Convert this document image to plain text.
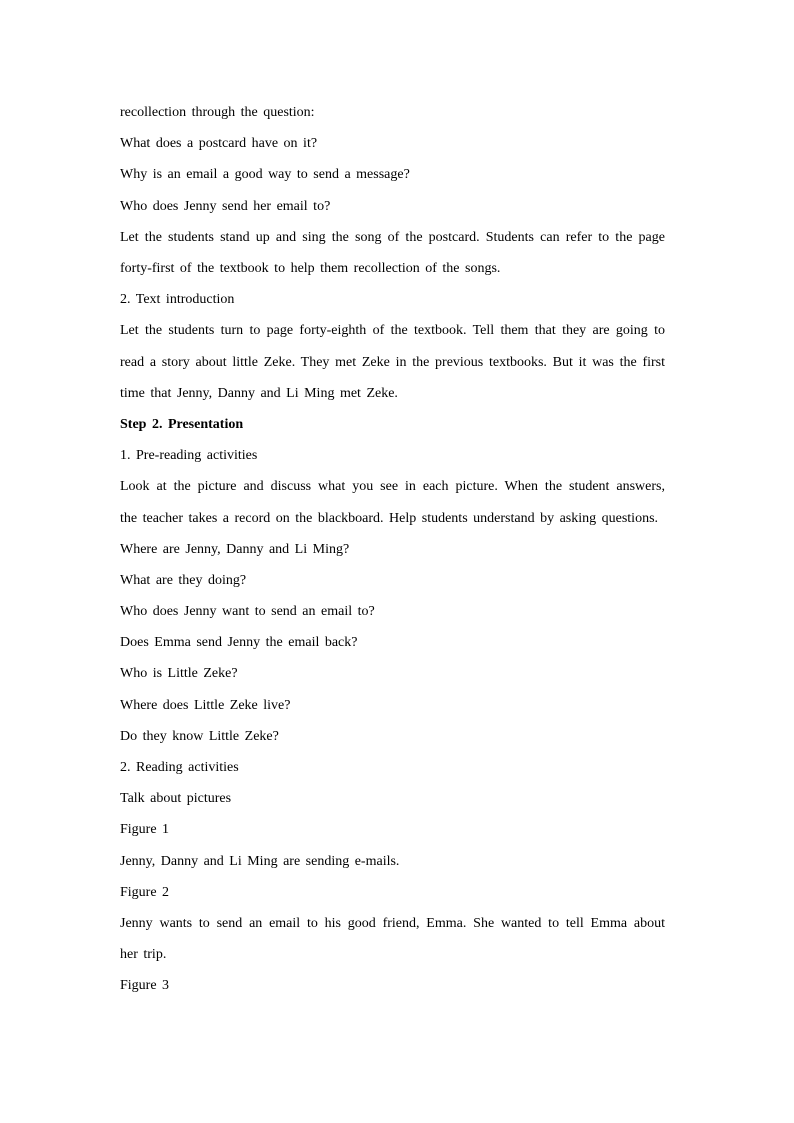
recollection through the question:
What does a postcard have on it?
Why is an email a good way to send a message?
Who does Jenny send her email to?
Let the students stand up and sing the song of the postcard. Students can refer to the page forty-first of the textbook to help them recollection of the songs.
2. Text introduction
Let the students turn to page forty-eighth of the textbook. Tell them that they are going to read a story about little Zeke. They met Zeke in the previous textbooks. But it was the first time that Jenny, Danny and Li Ming met Zeke.
Step 2. Presentation
1. Pre-reading activities
Look at the picture and discuss what you see in each picture. When the student answers, the teacher takes a record on the blackboard. Help students understand by asking questions.
Where are Jenny, Danny and Li Ming?
What are they doing?
Who does Jenny want to send an email to?
Does Emma send Jenny the email back?
Who is Little Zeke?
Where does Little Zeke live?
Do they know Little Zeke?
2. Reading activities
Talk about pictures
Figure 1
Jenny, Danny and Li Ming are sending e-mails.
Figure 2
Jenny wants to send an email to his good friend, Emma. She wanted to tell Emma about her trip.
Figure 3
